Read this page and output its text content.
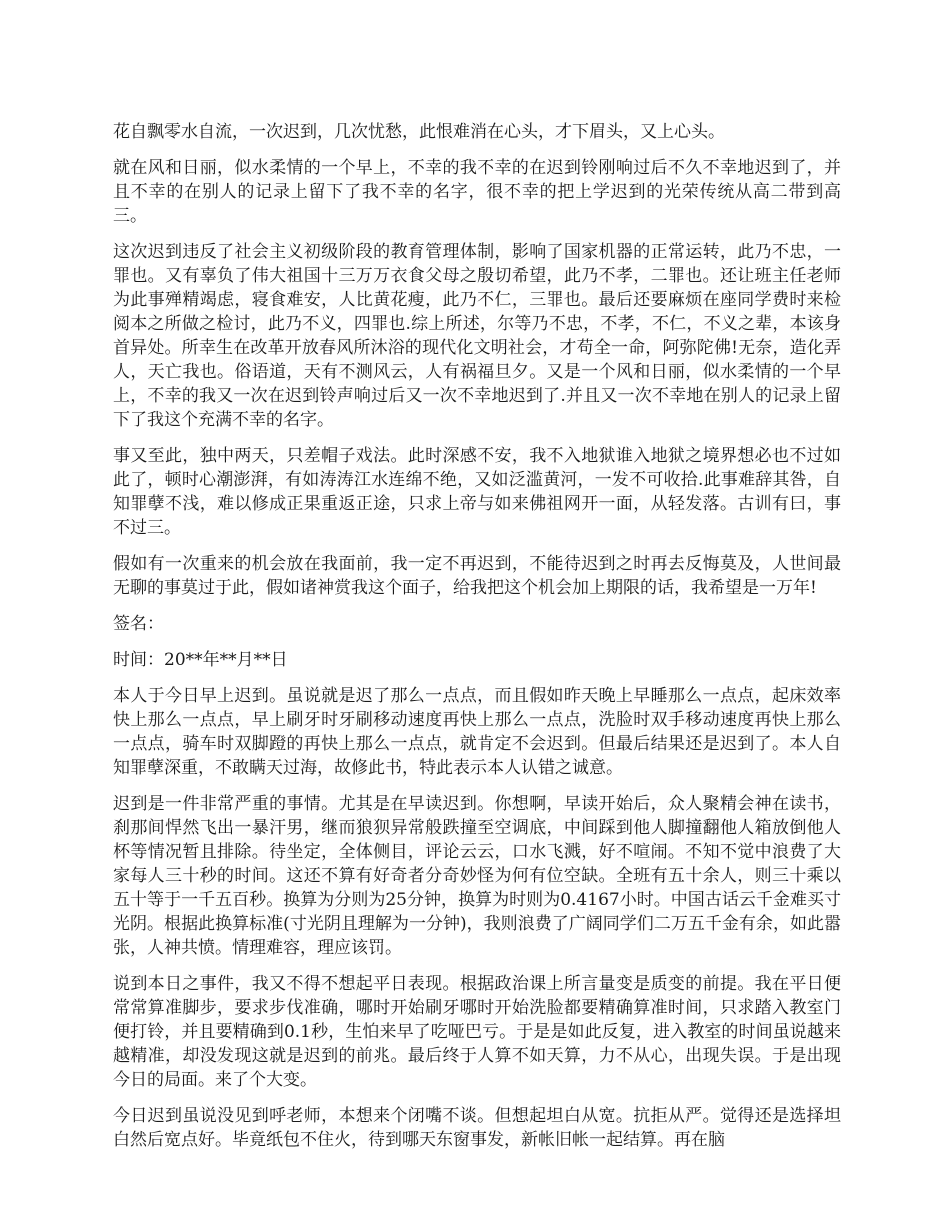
花自飘零水自流，一次迟到，几次忧愁，此恨难消在心头，才下眉头，又上心头。

就在风和日丽，似水柔情的一个早上，不幸的我不幸的在迟到铃刚响过后不久不幸地迟到了，并且不幸的在别人的记录上留下了我不幸的名字，很不幸的把上学迟到的光荣传统从高二带到高三。

这次迟到违反了社会主义初级阶段的教育管理体制，影响了国家机器的正常运转，此乃不忠，一罪也。又有辜负了伟大祖国十三万万衣食父母之殷切希望，此乃不孝，二罪也。还让班主任老师为此事殚精竭虑，寝食难安，人比黄花瘦，此乃不仁，三罪也。最后还要麻烦在座同学费时来检阅本之所做之检讨，此乃不义，四罪也.综上所述，尔等乃不忠，不孝，不仁，不义之辈，本该身首异处。所幸生在改革开放春风所沐浴的现代化文明社会，才苟全一命，阿弥陀佛!无奈，造化弄人，天亡我也。俗语道，天有不测风云，人有祸福旦夕。又是一个风和日丽，似水柔情的一个早上，不幸的我又一次在迟到铃声响过后又一次不幸地迟到了.并且又一次不幸地在别人的记录上留下了我这个充满不幸的名字。

事又至此，独中两天，只差帽子戏法。此时深感不安，我不入地狱谁入地狱之境界想必也不过如此了，顿时心潮澎湃，有如涛涛江水连绵不绝，又如泛滥黄河，一发不可收拾.此事难辞其咎，自知罪孽不浅，难以修成正果重返正途，只求上帝与如来佛祖网开一面，从轻发落。古训有曰，事不过三。

假如有一次重来的机会放在我面前，我一定不再迟到，不能待迟到之时再去反悔莫及，人世间最无聊的事莫过于此，假如诸神赏我这个面子，给我把这个机会加上期限的话，我希望是一万年!

签名：

时间：20**年**月**日

本人于今日早上迟到。虽说就是迟了那么一点点，而且假如昨天晚上早睡那么一点点，起床效率快上那么一点点，早上刷牙时牙刷移动速度再快上那么一点点，洗脸时双手移动速度再快上那么一点点，骑车时双脚蹬的再快上那么一点点，就肯定不会迟到。但最后结果还是迟到了。本人自知罪孽深重，不敢瞒天过海，故修此书，特此表示本人认错之诚意。

迟到是一件非常严重的事情。尤其是在早读迟到。你想啊，早读开始后，众人聚精会神在读书，刹那间悍然飞出一暴汗男，继而狼狈异常般跌撞至空调底，中间踩到他人脚撞翻他人箱放倒他人杯等情况暂且排除。待坐定，全体侧目，评论云云，口水飞溅，好不喧闹。不知不觉中浪费了大家每人三十秒的时间。这还不算有好奇者分奇妙怪为何有位空缺。全班有五十余人，则三十乘以五十等于一千五百秒。换算为分则为25分钟，换算为时则为0.4167小时。中国古话云千金难买寸光阴。根据此换算标准(寸光阴且理解为一分钟)，我则浪费了广阔同学们二万五千金有余，如此嚣张，人神共愤。情理难容，理应该罚。

说到本日之事件，我又不得不想起平日表现。根据政治课上所言量变是质变的前提。我在平日便常常算准脚步，要求步伐准确，哪时开始刷牙哪时开始洗脸都要精确算准时间，只求踏入教室门便打铃，并且要精确到0.1秒，生怕来早了吃哑巴亏。于是是如此反复，进入教室的时间虽说越来越精准，却没发现这就是迟到的前兆。最后终于人算不如天算，力不从心，出现失误。于是出现今日的局面。来了个大变。

今日迟到虽说没见到呼老师，本想来个闭嘴不谈。但想起坦白从宽。抗拒从严。觉得还是选择坦白然后宽点好。毕竟纸包不住火，待到哪天东窗事发，新帐旧帐一起结算。再在脑
